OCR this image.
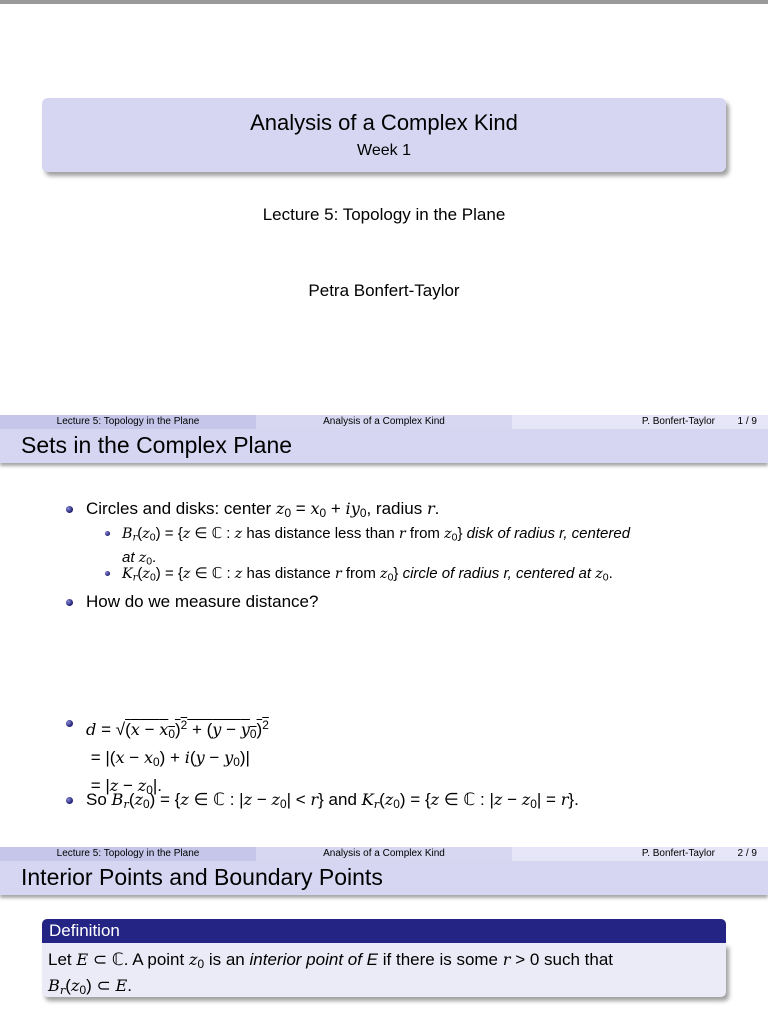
Analysis of a Complex Kind
Week 1
Lecture 5: Topology in the Plane
Petra Bonfert-Taylor
Lecture 5: Topology in the Plane	Analysis of a Complex Kind	P. Bonfert-Taylor 1 / 9
Sets in the Complex Plane
Circles and disks: center $z_0 = x_0 + iy_0$, radius r.
$B_r(z_0) = \{z$ ∈ ℂ : z has distance less than r from $z_0$} disk of radius r, centered
at $z_0$.
$K_r(z_0) = \{z$ ∈ ℂ : z has distance r from $z_0$} circle of radius r, centered at $z_0$.
How do we measure distance?
$d = √(x - x_0)^2 + (y - y_0)^2$
= $|(x - x_0) + i(y - y_0)|$
= $|z - z_0|$.
So $B_r(z_0) = \{z$ ∈ ℂ : $|z - z_0| < r$} and $K_r(z_0) = \{z$ ∈ ℂ : $|z - z_0| = r$}.
Lecture 5: Topology in the Plane	Analysis of a Complex Kind	P. Bonfert-Taylor 2 / 9
Interior Points and Boundary Points
Definition
Let E ⊂ ℂ. A point $z_0$ is an interior point of E if there is some r > 0 such that
$B_r(z_0)$ ⊂ E.
